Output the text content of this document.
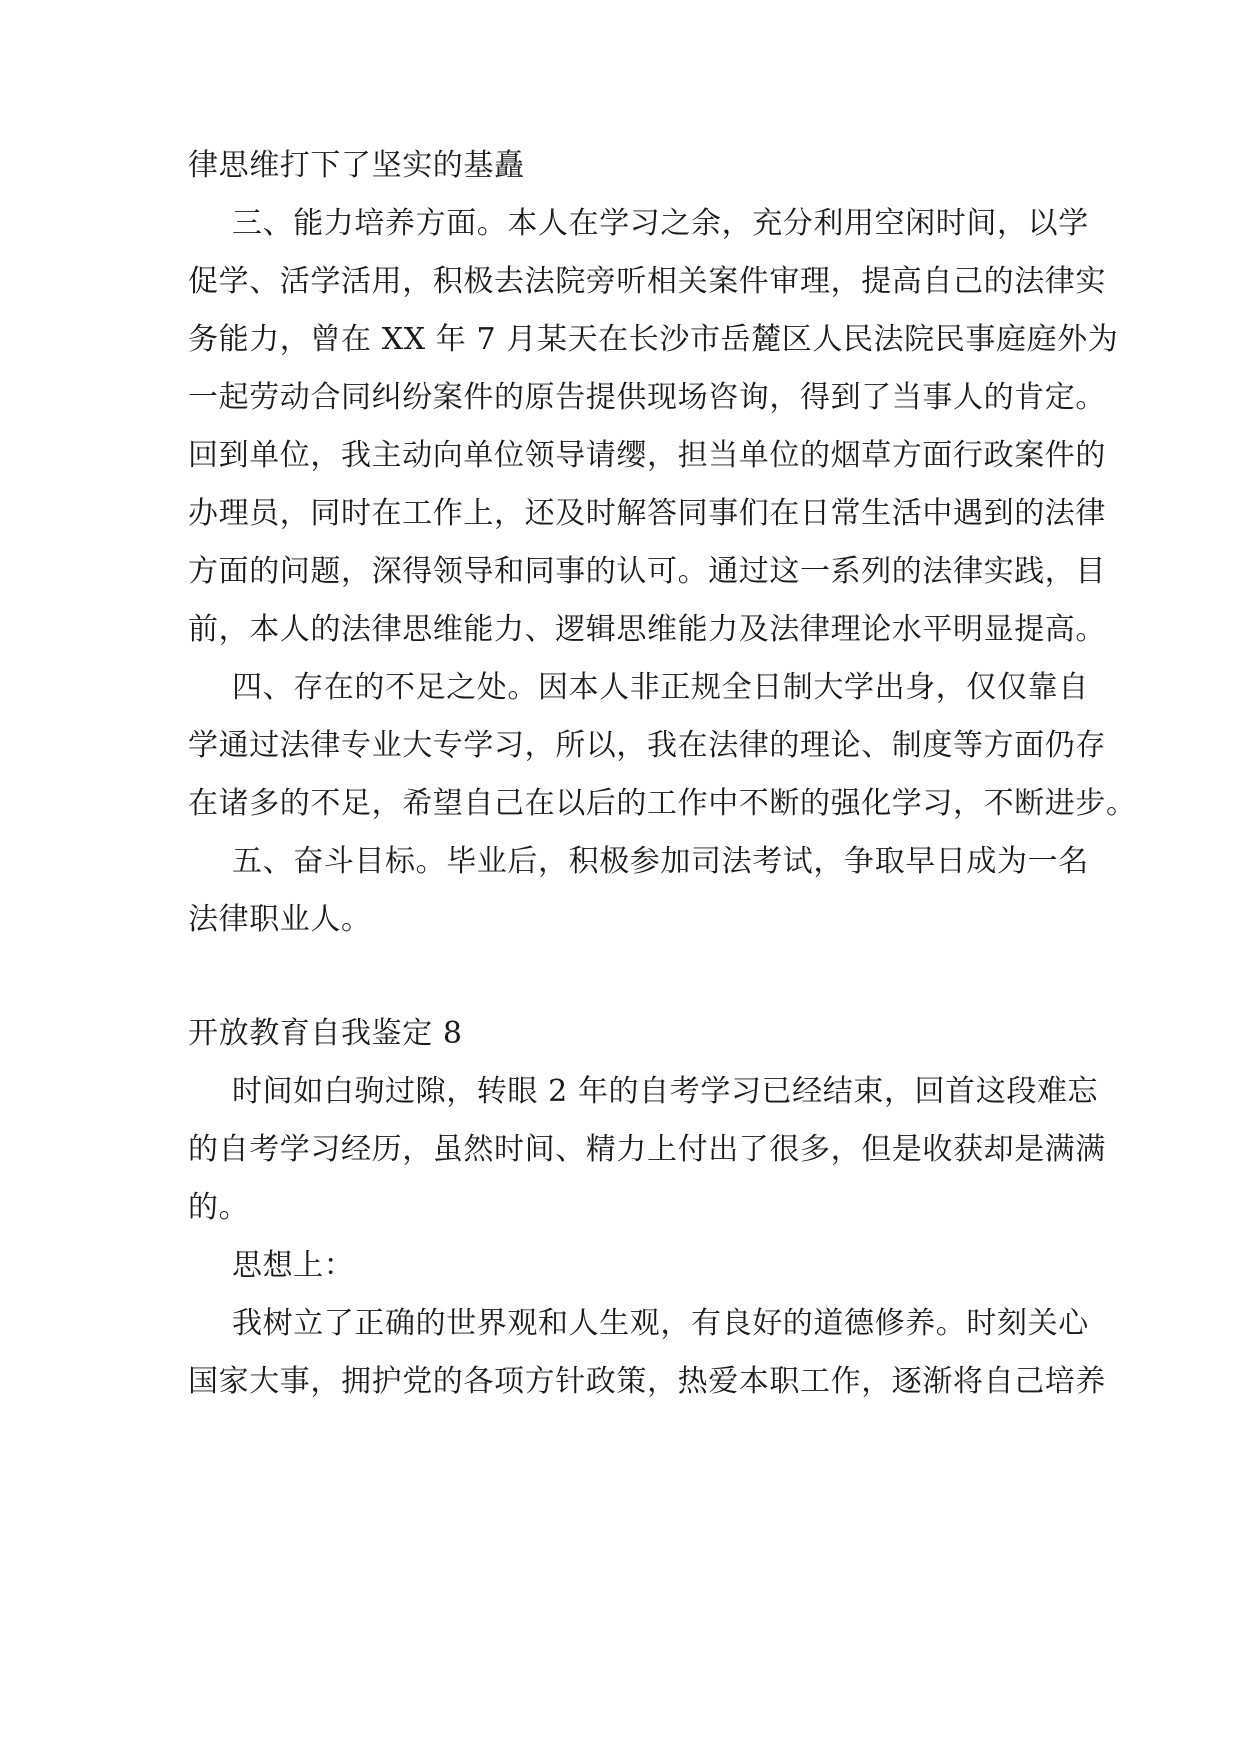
律思维打下了坚实的基矗
三、能力培养方面。本人在学习之余，充分利用空闲时间，以学
促学、活学活用，积极去法院旁听相关案件审理，提高自己的法律实
务能力，曾在 XX 年 7 月某天在长沙市岳麓区人民法院民事庭庭外为
一起劳动合同纠纷案件的原告提供现场咨询，得到了当事人的肯定。
回到单位，我主动向单位领导请缨，担当单位的烟草方面行政案件的
办理员，同时在工作上，还及时解答同事们在日常生活中遇到的法律
方面的问题，深得领导和同事的认可。通过这一系列的法律实践，目
前，本人的法律思维能力、逻辑思维能力及法律理论水平明显提高。
四、存在的不足之处。因本人非正规全日制大学出身，仅仅靠自
学通过法律专业大专学习，所以，我在法律的理论、制度等方面仍存
在诸多的不足，希望自己在以后的工作中不断的强化学习，不断进步。
五、奋斗目标。毕业后，积极参加司法考试，争取早日成为一名
法律职业人。
开放教育自我鉴定 8
时间如白驹过隙，转眼 2 年的自考学习已经结束，回首这段难忘
的自考学习经历，虽然时间、精力上付出了很多，但是收获却是满满
的。
思想上：
我树立了正确的世界观和人生观，有良好的道德修养。时刻关心
国家大事，拥护党的各项方针政策，热爱本职工作，逐渐将自己培养
